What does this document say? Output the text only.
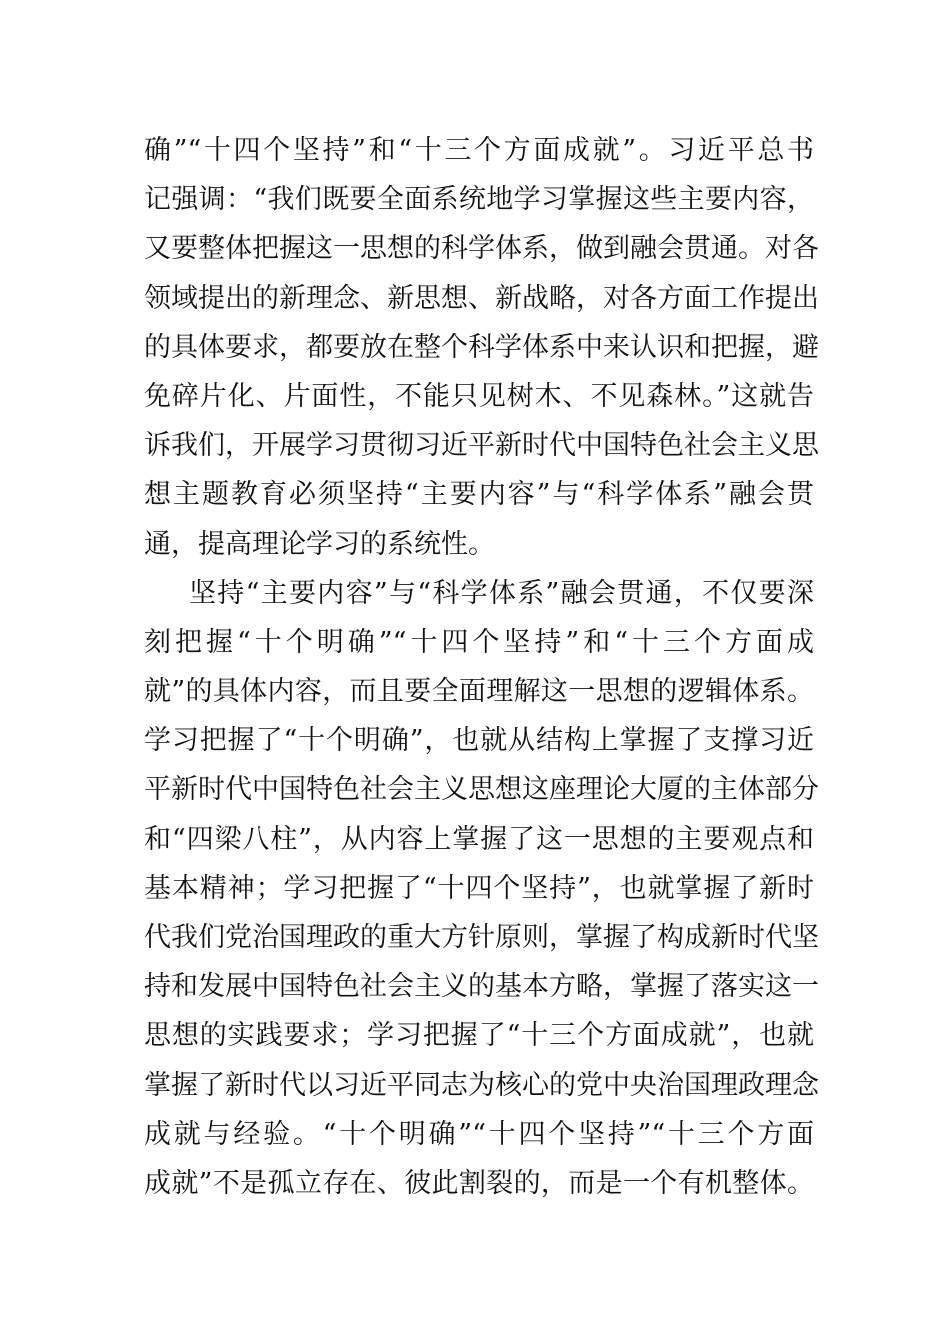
确”“十四个坚持”和“十三个方面成就”。习近平总书
记强调：“我们既要全面系统地学习掌握这些主要内容，
又要整体把握这一思想的科学体系，做到融会贯通。对各
领域提出的新理念、新思想、新战略，对各方面工作提出
的具体要求，都要放在整个科学体系中来认识和把握，避
免碎片化、片面性，不能只见树木、不见森林。”这就告
诉我们，开展学习贯彻习近平新时代中国特色社会主义思
想主题教育必须坚持“主要内容”与“科学体系”融会贯
通，提高理论学习的系统性。
坚持“主要内容”与“科学体系”融会贯通，不仅要深
刻把握“十个明确”“十四个坚持”和“十三个方面成
就”的具体内容，而且要全面理解这一思想的逻辑体系。
学习把握了“十个明确”，也就从结构上掌握了支撑习近
平新时代中国特色社会主义思想这座理论大厦的主体部分
和“四梁八柱”，从内容上掌握了这一思想的主要观点和
基本精神；学习把握了“十四个坚持”，也就掌握了新时
代我们党治国理政的重大方针原则，掌握了构成新时代坚
持和发展中国特色社会主义的基本方略，掌握了落实这一
思想的实践要求；学习把握了“十三个方面成就”，也就
掌握了新时代以习近平同志为核心的党中央治国理政理念
成就与经验。“十个明确”“十四个坚持”“十三个方面
成就”不是孤立存在、彼此割裂的，而是一个有机整体。
